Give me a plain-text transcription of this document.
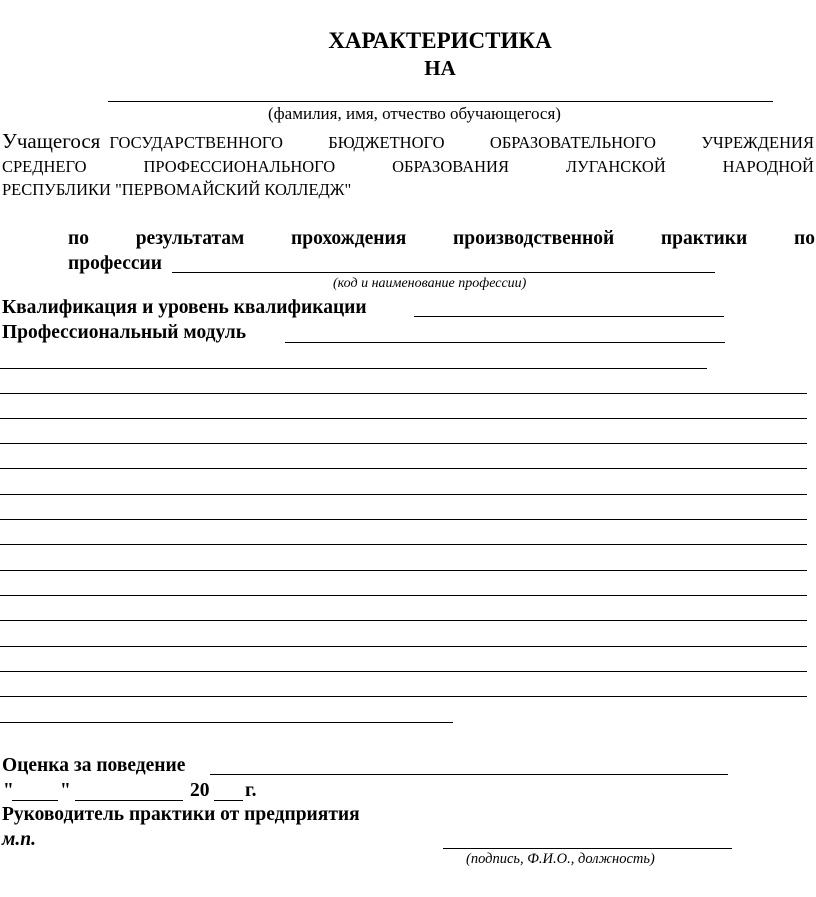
ХАРАКТЕРИСТИКА
НА
(фамилия, имя, отчество обучающегося)
Учащегося ГОСУДАРСТВЕННОГО	БЮДЖЕТНОГО	ОБРАЗОВАТЕЛЬНОГО	УЧРЕЖДЕНИЯ
СРЕДНЕГО	ПРОФЕССИОНАЛЬНОГО	ОБРАЗОВАНИЯ	ЛУГАНСКОЙ	НАРОДНОЙ
РЕСПУБЛИКИ "ПЕРВОМАЙСКИЙ КОЛЛЕДЖ"
по результатам прохождения производственной практики по
профессии
(код и наименование профессии)
Квалификация и уровень квалификации
Профессиональный модуль
Оценка за поведение
" "	20 г.
Руководитель практики от предприятия
м.п.
(подпись, Ф.И.О., должность)
